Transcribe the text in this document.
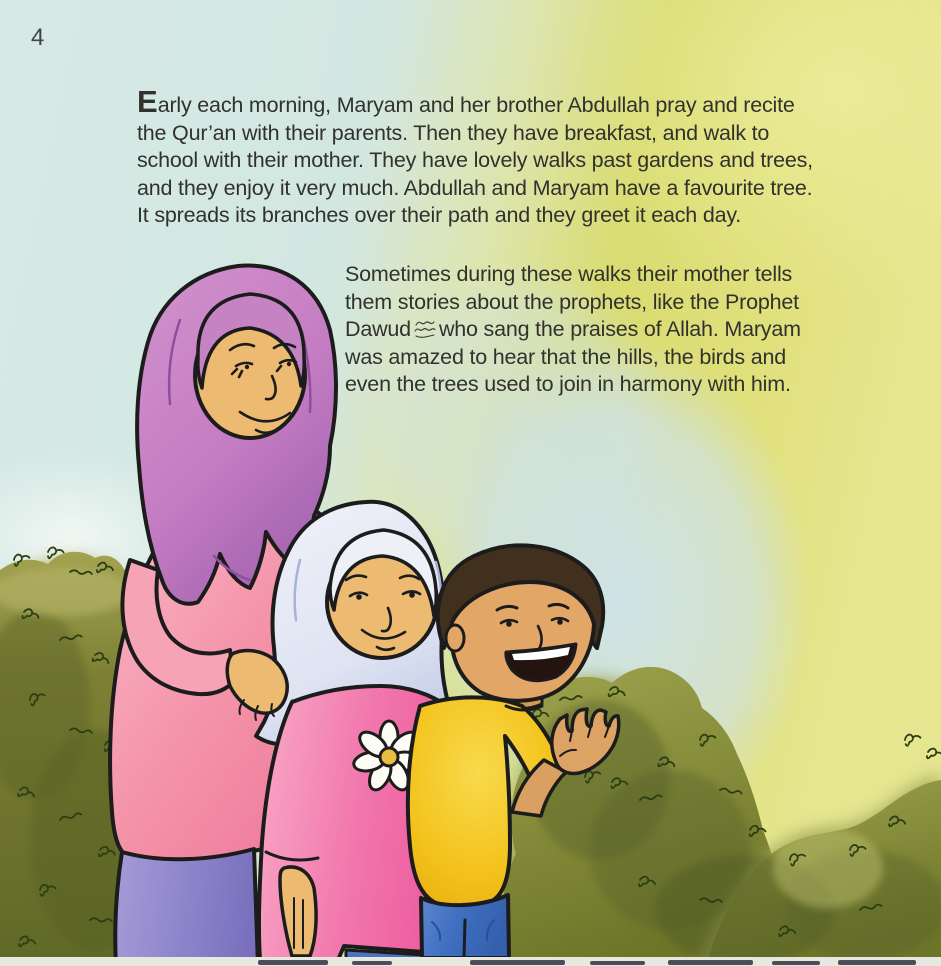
4
Early each morning, Maryam and her brother Abdullah pray and recite
the Qur’an with their parents. Then they have breakfast, and walk to
school with their mother. They have lovely walks past gardens and trees,
and they enjoy it very much. Abdullah and Maryam have a favourite tree.
It spreads its branches over their path and they greet it each day.
Sometimes during these walks their mother tells
them stories about the prophets, like the Prophet
Dawud who sang the praises of Allah. Maryam
was amazed to hear that the hills, the birds and
even the trees used to join in harmony with him.
